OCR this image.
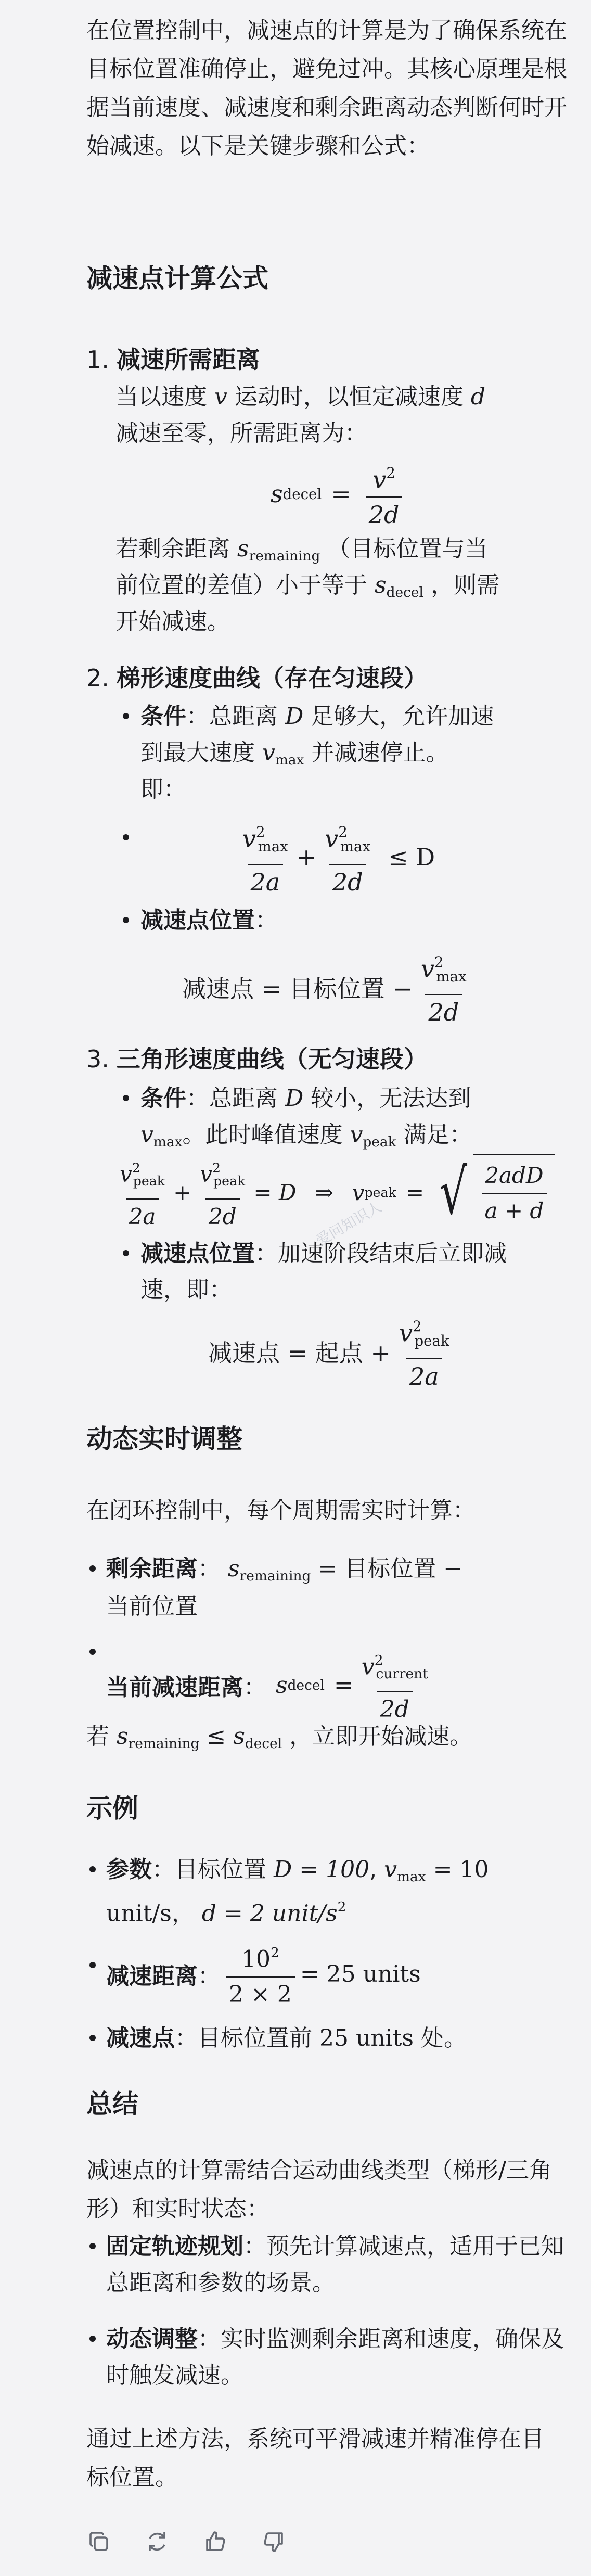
在位置控制中，减速点的计算是为了确保系统在目标位置准确停止，避免过冲。其核心原理是根据当前速度、减速度和剩余距离动态判断何时开始减速。以下是关键步骤和公式：

减速点计算公式
1. 减速所需距离

当以速度 v 运动时，以恒定减速度 d

减速至零，所需距离为：

s decel = $\frac{v^2}{2d}$

若剩余距离 $s_{remaining}$ （目标位置与当

前位置的差值）小于等于 $s_{decel}$ ，则需

开始减速。

2. 梯形速度曲线（存在匀速段）

条件：总距离 D 足够大，允许加速

到最大速度 $v_{max}$ 并减速停止。

即：

$\frac{v^2_{max}}{2a} + \frac{v^2_{max}}{2d} \le D$

减速点位置：

减速点 = 目标位置 − $\frac{v^2_{max}}{2d}$
3. 三角形速度曲线（无匀速段）

条件：总距离 D 较小，无法达到

$v_{max}$。此时峰值速度 $v_{peak}$ 满足：

$\frac{v^2_{peak}}{2a} + \frac{v^2_{peak}}{2d} = D$ ⇒ v peak = √ $\frac{\text{2adD}}{a + d}$

减速点位置：加速阶段结束后立即减

速，即：

减速点 = 起点 + $\frac{v^2_{peak}}{2a}$
爱问知识人
动态实时调整

在闭环控制中，每个周期需实时计算：

剩余距离： $s_{remaining}$ = 目标位置 −

当前位置

当前减速距离 ： s decel = $\frac{v^2_{current}}{2d}$

若 $s_{remaining} \le s_{decel}$ ，立即开始减速。

示例

参数：目标位置 D = 100, $v_{max} = 10$

unit/s， d = 2 unit/$s^2$

减速距离 ： $\frac{10^2}{2 \times 2} = 25$ units

减速点：目标位置前 25 units 处。

总结

减速点的计算需结合运动曲线类型（梯形/三角形）和实时状态：

固定轨迹规划：预先计算减速点，适用于已知总距离和参数的场景。

动态调整：实时监测剩余距离和速度，确保及时触发减速。

通过上述方法，系统可平滑减速并精准停在目标位置。
